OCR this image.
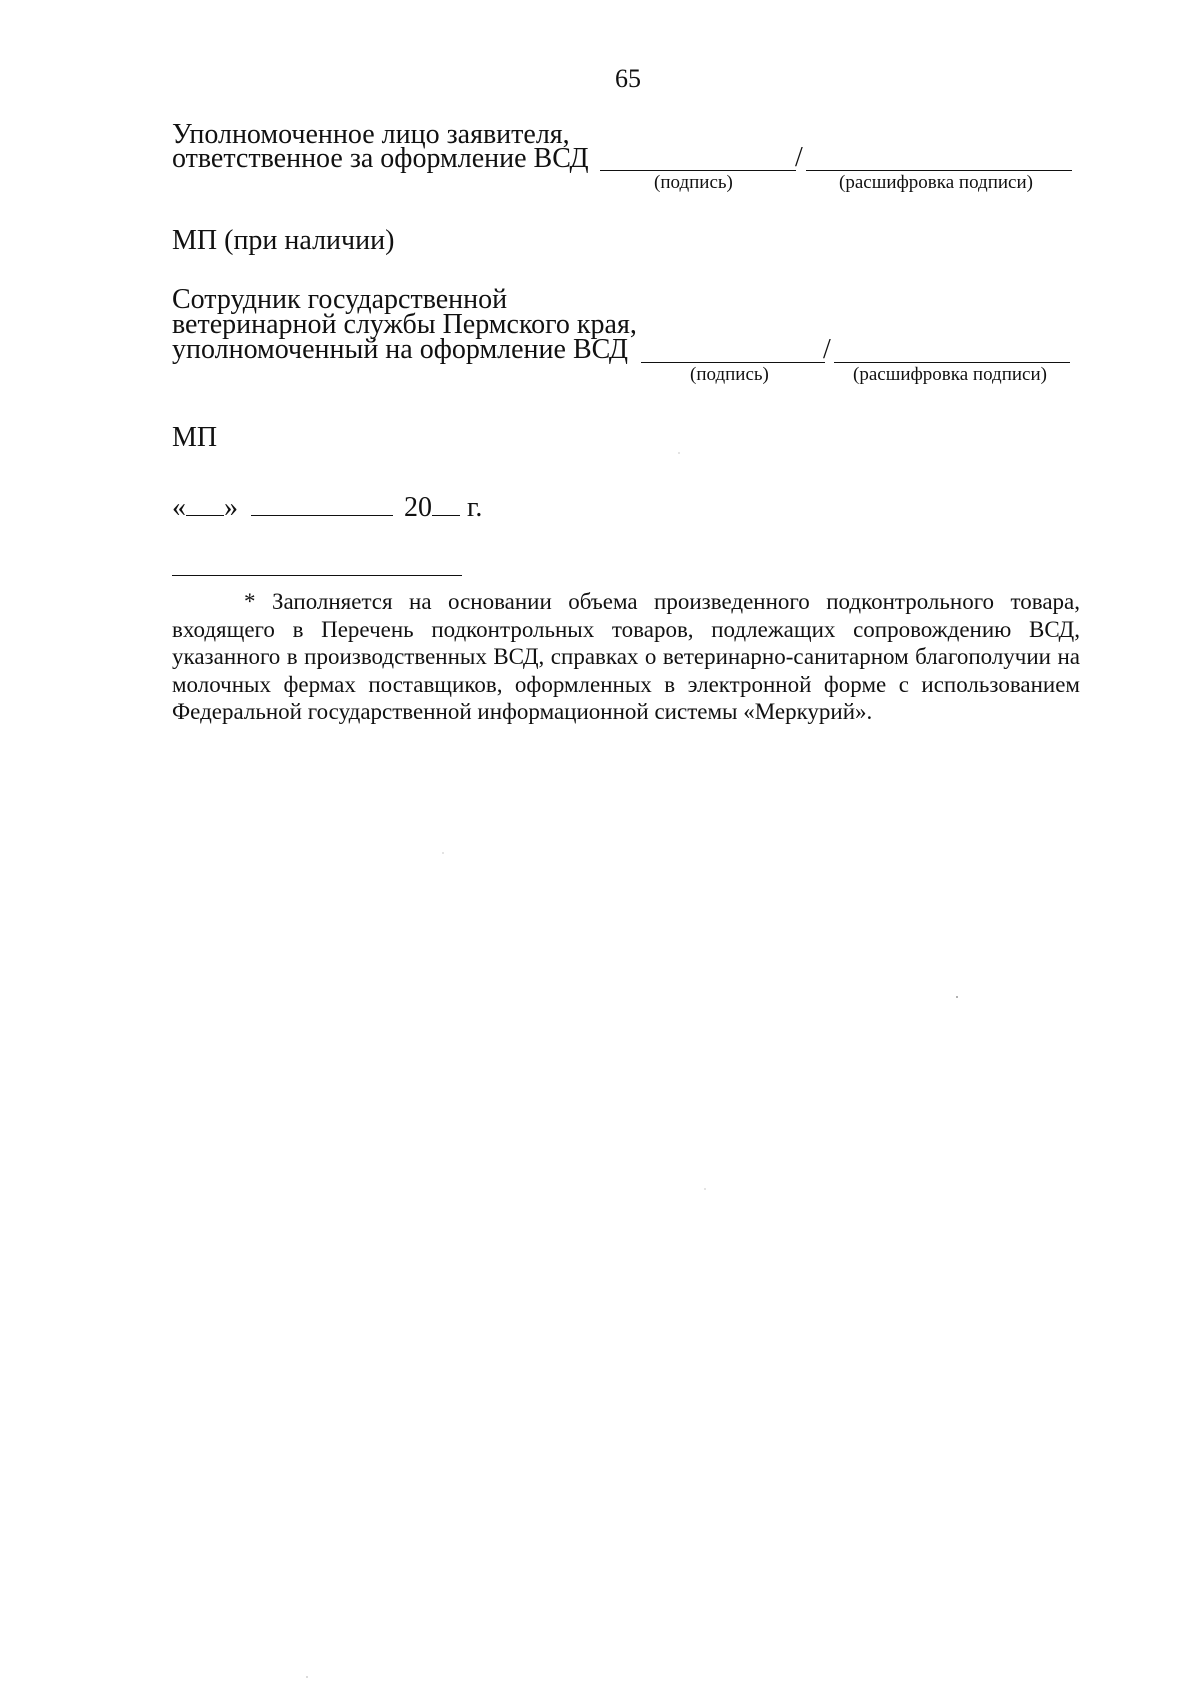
65
Уполномоченное лицо заявителя,
ответственное за оформление ВСД	/
(подпись)	(расшифровка подписи)
МП (при наличии)
Сотрудник государственной
ветеринарной службы Пермского края,
уполномоченный на оформление ВСД	/
(подпись)	(расшифровка подписи)
МП
« »	20 г.
* Заполняется на основании объема произведенного подконтрольного товара, входящего в Перечень подконтрольных товаров, подлежащих сопровождению ВСД, указанного в производственных ВСД, справках о ветеринарно-санитарном благополучии на молочных фермах поставщиков, оформленных в электронной форме с использованием Федеральной государственной информационной системы «Меркурий».
